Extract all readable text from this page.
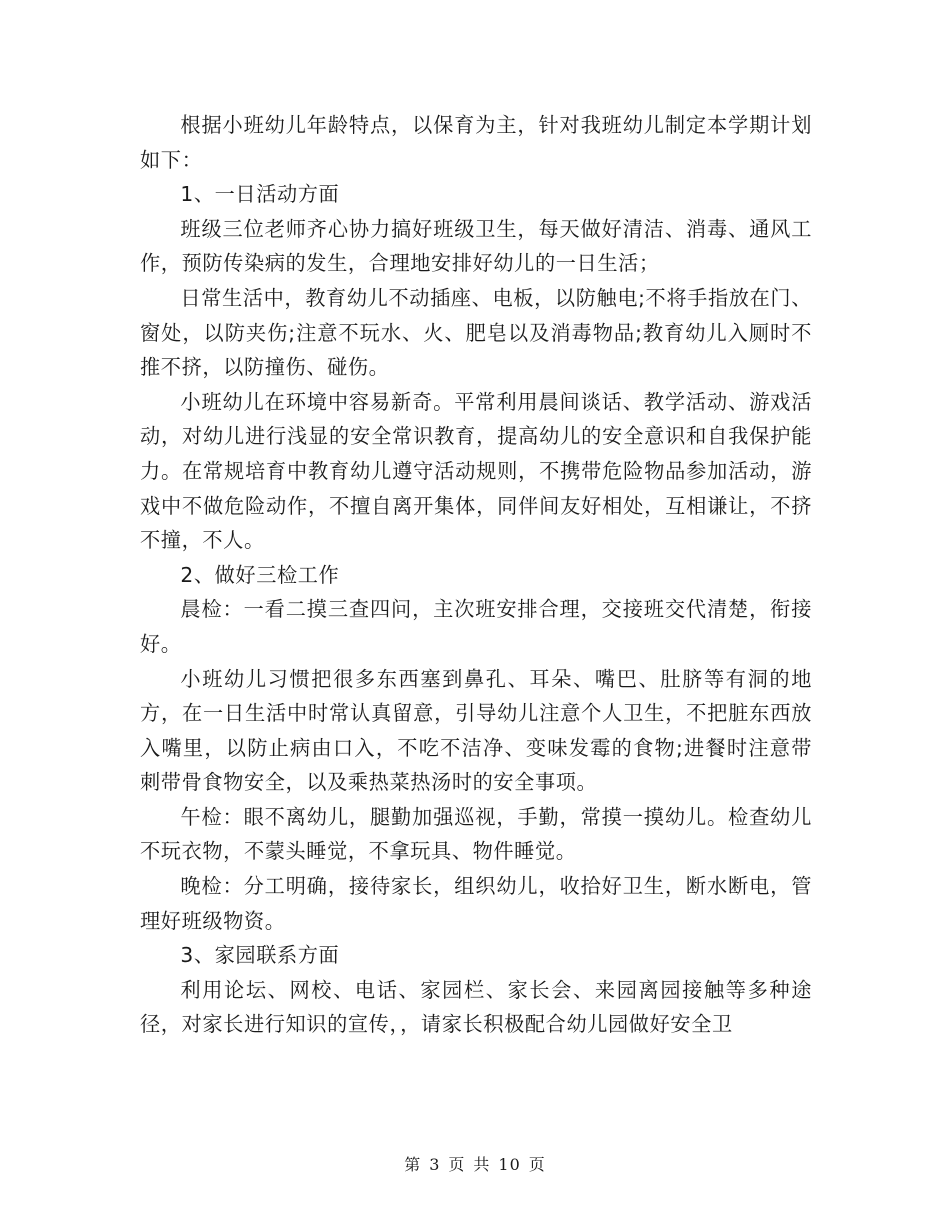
根据小班幼儿年龄特点，以保育为主，针对我班幼儿制定本学期计划如下：

1、一日活动方面

班级三位老师齐心协力搞好班级卫生，每天做好清洁、消毒、通风工作，预防传染病的发生，合理地安排好幼儿的一日生活；

日常生活中，教育幼儿不动插座、电板，以防触电;不将手指放在门、窗处，以防夹伤;注意不玩水、火、肥皂以及消毒物品;教育幼儿入厕时不推不挤，以防撞伤、碰伤。

小班幼儿在环境中容易新奇。平常利用晨间谈话、教学活动、游戏活动，对幼儿进行浅显的安全常识教育，提高幼儿的安全意识和自我保护能力。在常规培育中教育幼儿遵守活动规则，不携带危险物品参加活动，游戏中不做危险动作，不擅自离开集体，同伴间友好相处，互相谦让，不挤不撞，不人。

2、做好三检工作

晨检：一看二摸三查四问，主次班安排合理，交接班交代清楚，衔接好。

小班幼儿习惯把很多东西塞到鼻孔、耳朵、嘴巴、肚脐等有洞的地方，在一日生活中时常认真留意，引导幼儿注意个人卫生，不把脏东西放入嘴里，以防止病由口入，不吃不洁净、变味发霉的食物;进餐时注意带刺带骨食物安全，以及乘热菜热汤时的安全事项。

午检：眼不离幼儿，腿勤加强巡视，手勤，常摸一摸幼儿。检查幼儿不玩衣物，不蒙头睡觉，不拿玩具、物件睡觉。

晚检：分工明确，接待家长，组织幼儿，收拾好卫生，断水断电，管理好班级物资。

3、家园联系方面

利用论坛、网校、电话、家园栏、家长会、来园离园接触等多种途径，对家长进行知识的宣传，，请家长积极配合幼儿园做好安全卫

第 3 页 共 10 页
